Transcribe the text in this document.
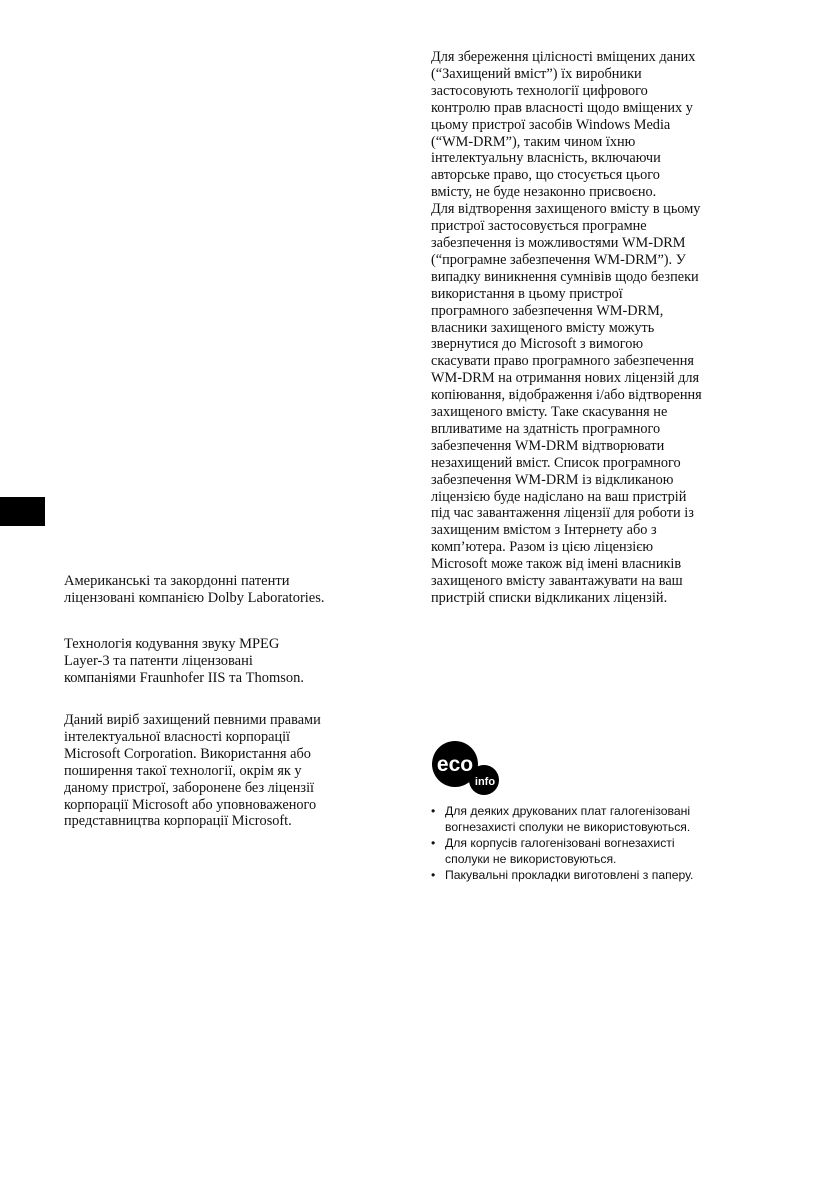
Для збереження цілісності вміщених даних
(“Захищений вміст”) їх виробники
застосовують технології цифрового
контролю прав власності щодо вміщених у
цьому пристрої засобів Windows Media
(“WM-DRM”), таким чином їхню
інтелектуальну власність, включаючи
авторське право, що стосується цього
вмісту, не буде незаконно присвоєно.
Для відтворення захищеного вмісту в цьому
пристрої застосовується програмне
забезпечення із можливостями WM-DRM
(“програмне забезпечення WM-DRM”). У
випадку виникнення сумнівів щодо безпеки
використання в цьому пристрої
програмного забезпечення WM-DRM,
власники захищеного вмісту можуть
звернутися до Microsoft з вимогою
скасувати право програмного забезпечення
WM-DRM на отримання нових ліцензій для
копіювання, відображення і/або відтворення
захищеного вмісту. Таке скасування не
впливатиме на здатність програмного
забезпечення WM-DRM відтворювати
незахищений вміст. Список програмного
забезпечення WM-DRM із відкликаною
ліцензією буде надіслано на ваш пристрій
під час завантаження ліцензії для роботи із
захищеним вмістом з Інтернету або з
комп’ютера. Разом із цією ліцензією
Microsoft може також від імені власників
захищеного вмісту завантажувати на ваш
пристрій списки відкликаних ліцензій.

Американські та закордонні патенти
ліцензовані компанією Dolby Laboratories.

Технологія кодування звуку MPEG
Layer-3 та патенти ліцензовані
компаніями Fraunhofer IIS та Thomson.

Даний виріб захищений певними правами
інтелектуальної власності корпорації
Microsoft Corporation. Використання або
поширення такої технології, окрім як у
даному пристрої, заборонене без ліцензії
корпорації Microsoft або уповноваженого
представництва корпорації Microsoft.

eco
info
• Для деяких друкованих плат галогенізовані
вогнезахисті сполуки не використовуються.
• Для корпусів галогенізовані вогнезахисті
сполуки не використовуються.
• Пакувальні прокладки виготовлені з паперу.
